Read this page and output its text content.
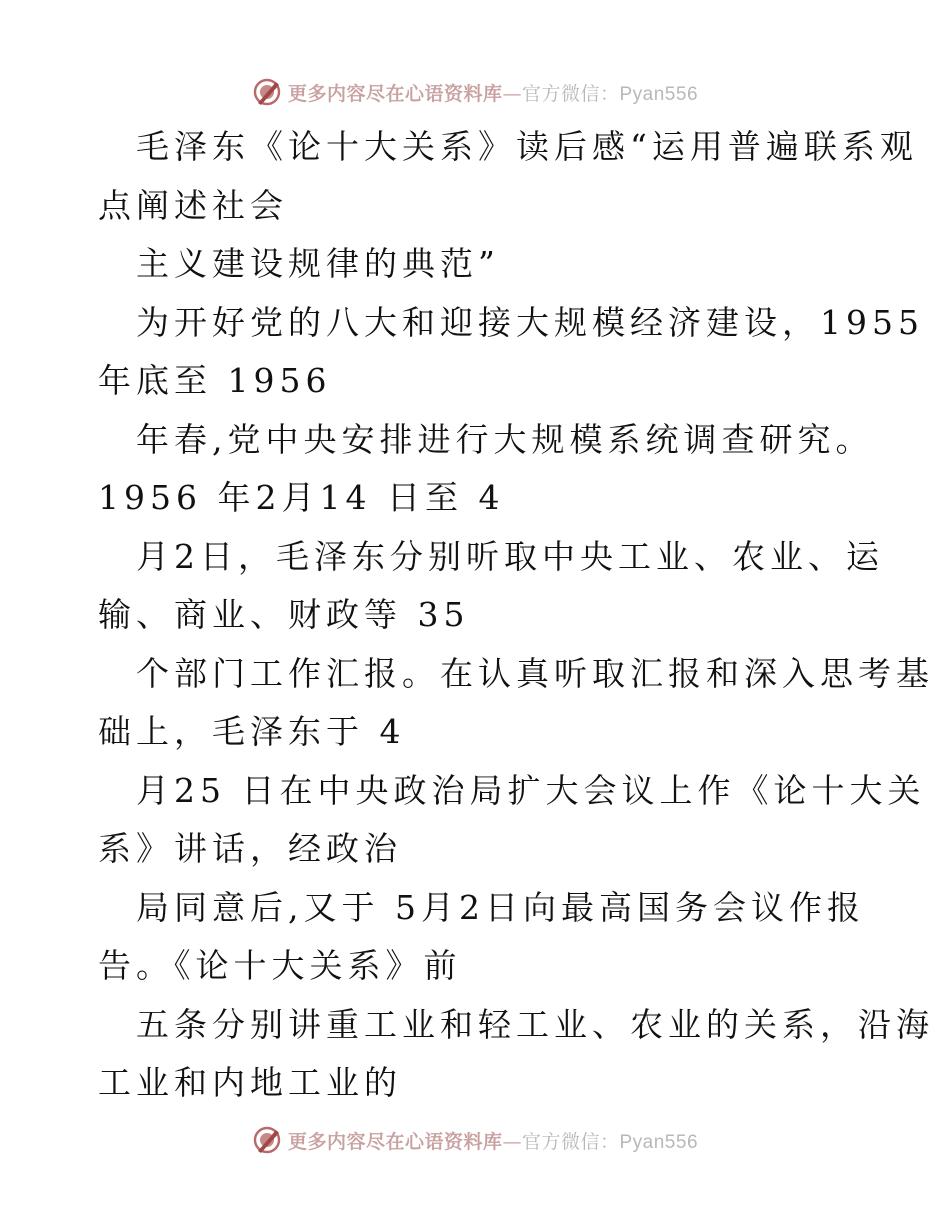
更多内容尽在心语资料库 — 官方微信： Pyan556

毛泽东《论十大关系》读后感“运用普遍联系观

点阐述社会

主义建设规律的典范”

为开好党的八大和迎接大规模经济建设，1955

年底至 1956

年春,党中央安排进行大规模系统调查研究。

1956 年2月14 日至 4

月2日，毛泽东分别听取中央工业、农业、运

输、商业、财政等 35

个部门工作汇报。在认真听取汇报和深入思考基

础上，毛泽东于 4

月25 日在中央政治局扩大会议上作《论十大关

系》讲话，经政治

局同意后,又于 5月2日向最高国务会议作报

告。《论十大关系》前

五条分别讲重工业和轻工业、农业的关系，沿海

工业和内地工业的

更多内容尽在心语资料库 — 官方微信： Pyan556
